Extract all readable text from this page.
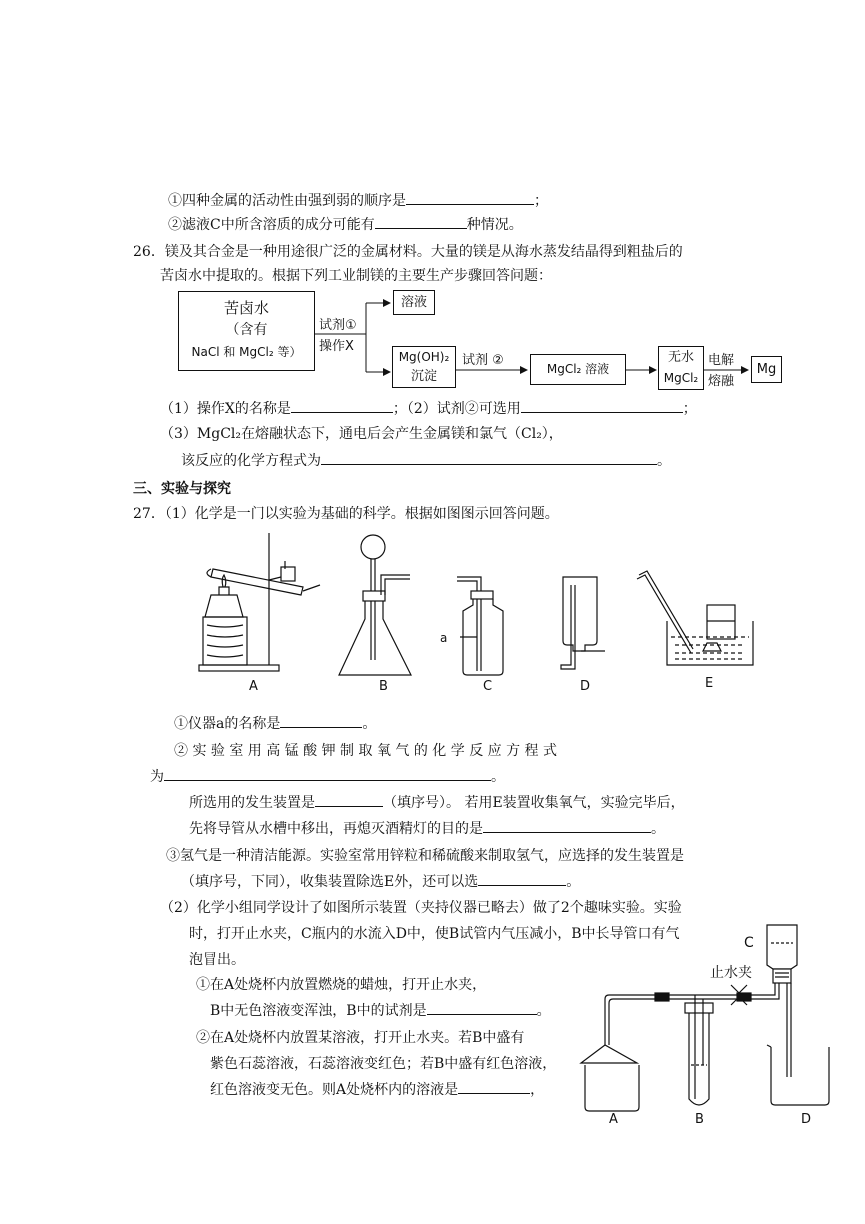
①四种金属的活动性由强到弱的顺序是	；
②滤液C中所含溶质的成分可能有	种情况。
26．镁及其合金是一种用途很广泛的金属材料。大量的镁是从海水蒸发结晶得到粗盐后的
苦卤水中提取的。根据下列工业制镁的主要生产步骤回答问题：
苦卤水
（含有
NaCl 和 MgCl₂ 等）
试剂①
操作X
溶液
Mg(OH)₂
沉淀
试剂 ②
MgCl₂ 溶液
无水
MgCl₂
电解
熔融
Mg
（1）操作X的名称是	；（2）试剂②可选用	；
（3）MgCl₂在熔融状态下，通电后会产生金属镁和氯气（Cl₂），
该反应的化学方程式为	。
三、实验与探究
27．（1）化学是一门以实验为基础的科学。根据如图图示回答问题。
a
A	B	C	D	E
①仪器a的名称是	。
② 实 验 室 用 高 锰 酸 钾 制 取 氧 气 的 化 学 反 应 方 程 式
为	。
所选用的发生装置是	（填序号）。 若用E装置收集氧气，实验完毕后，
先将导管从水槽中移出，再熄灭酒精灯的目的是	。
③氢气是一种清洁能源。实验室常用锌粒和稀硫酸来制取氢气，应选择的发生装置是
（填序号，下同），收集装置除选E外，还可以选	。
（2）化学小组同学设计了如图所示装置（夹持仪器已略去）做了2个趣味实验。实验
时，打开止水夹，C瓶内的水流入D中，使B试管内气压减小，B中长导管口有气
泡冒出。
①在A处烧杯内放置燃烧的蜡烛，打开止水夹，
B中无色溶液变浑浊，B中的试剂是	。
②在A处烧杯内放置某溶液，打开止水夹。若B中盛有
紫色石蕊溶液，石蕊溶液变红色；若B中盛有红色溶液，
红色溶液变无色。则A处烧杯内的溶液是	，
止水夹
C
A	B	D
